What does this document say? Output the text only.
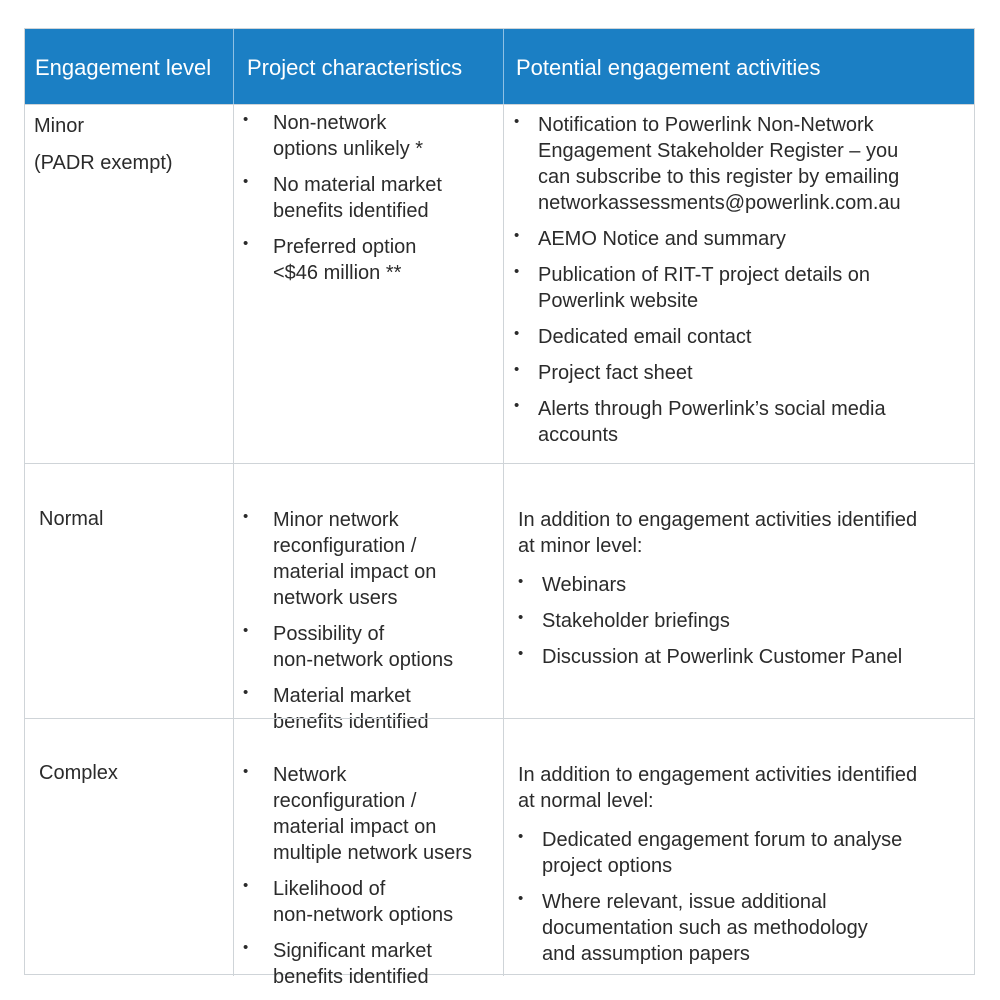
Engagement level Project characteristics Potential engagement activities
Minor
(PADR exempt)
• Non-network
options unlikely *
• No material market
benefits identified
• Preferred option
<$46 million **
• Notification to Powerlink Non-Network
Engagement Stakeholder Register – you
can subscribe to this register by emailing
networkassessments@powerlink.com.au
• AEMO Notice and summary
• Publication of RIT-T project details on
Powerlink website
• Dedicated email contact
• Project fact sheet
• Alerts through Powerlink’s social media
accounts
Normal	• Minor network
reconfiguration /
material impact on
network users
• Possibility of
non-network options
• Material market
benefits identified
In addition to engagement activities identified
at minor level:
• Webinars
• Stakeholder briefings
• Discussion at Powerlink Customer Panel
Complex	• Network
reconfiguration /
material impact on
multiple network users
• Likelihood of
non-network options
• Significant market
benefits identified
In addition to engagement activities identified
at normal level:
• Dedicated engagement forum to analyse
project options
• Where relevant, issue additional
documentation such as methodology
and assumption papers
